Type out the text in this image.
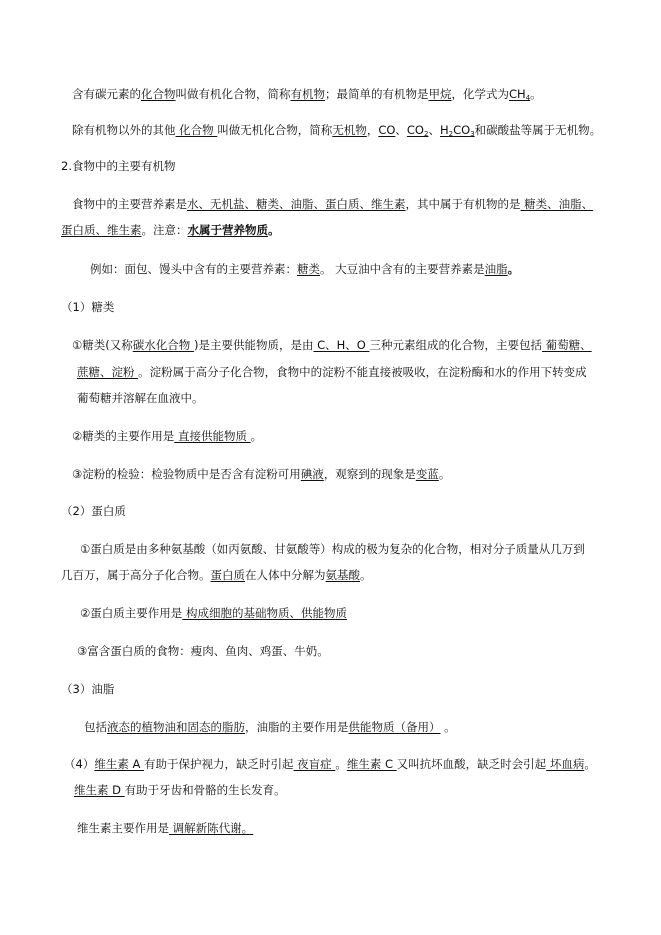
含有碳元素的化合物叫做有机化合物，简称有机物；最简单的有机物是甲烷，化学式为$CH_4$。
除有机物以外的其他 化合物 叫做无机化合物，简称无机物，CO、$CO_2$、$H_2CO_3$和碳酸盐等属于无机物。
2.食物中的主要有机物
食物中的主要营养素是水、无机盐、糖类、油脂、蛋白质、维生素，其中属于有机物的是 糖类、油脂、
蛋白质、维生素。注意：水属于营养物质。
例如：面包、馒头中含有的主要营养素：糖类。 大豆油中含有的主要营养素是油脂。
（1）糖类
①糖类(又称碳水化合物 )是主要供能物质，是由 C、H、O 三种元素组成的化合物，主要包括 葡萄糖、
蔗糖、淀粉 。淀粉属于高分子化合物，食物中的淀粉不能直接被吸收，在淀粉酶和水的作用下转变成
葡萄糖并溶解在血液中。
②糖类的主要作用是 直接供能物质 。
③淀粉的检验：检验物质中是否含有淀粉可用碘液，观察到的现象是变蓝。
（2）蛋白质
①蛋白质是由多种氨基酸（如丙氨酸、甘氨酸等）构成的极为复杂的化合物，相对分子质量从几万到
几百万，属于高分子化合物。蛋白质在人体中分解为氨基酸。
②蛋白质主要作用是 构成细胞的基础物质、供能物质
③富含蛋白质的食物：瘦肉、鱼肉、鸡蛋、牛奶。
（3）油脂
包括液态的植物油和固态的脂肪，油脂的主要作用是供能物质（备用） 。
（4）维生素 A 有助于保护视力，缺乏时引起 夜盲症 。维生素 C 又叫抗坏血酸，缺乏时会引起 坏血病。
维生素 D 有助于牙齿和骨骼的生长发育。
维生素主要作用是 调解新陈代谢。
